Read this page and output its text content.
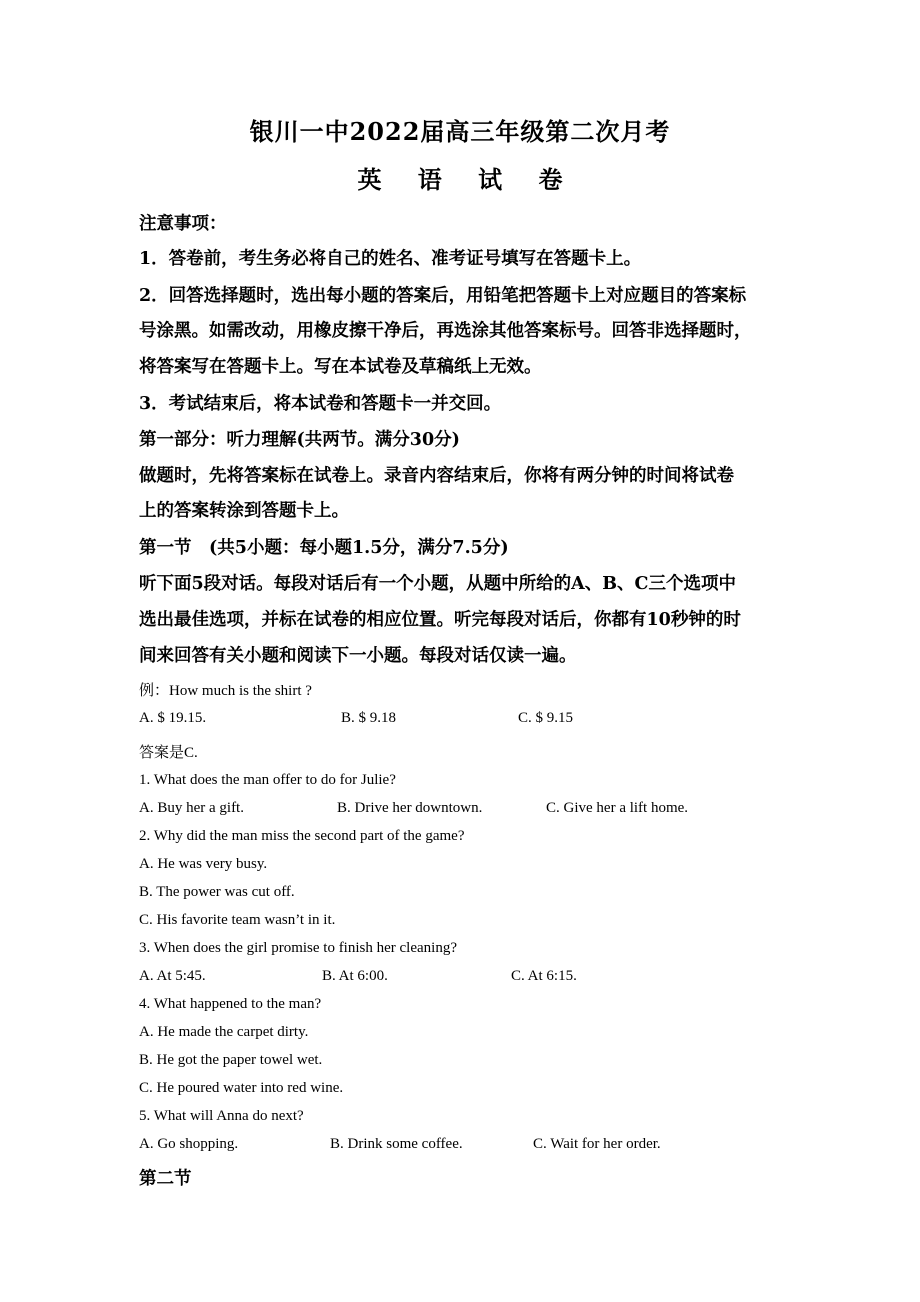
银川一中2022届高三年级第二次月考
英 语 试 卷
注意事项：
1．答卷前，考生务必将自己的姓名、准考证号填写在答题卡上。
2．回答选择题时，选出每小题的答案后，用铅笔把答题卡上对应题目的答案标
号涂黑。如需改动，用橡皮擦干净后，再选涂其他答案标号。回答非选择题时，
将答案写在答题卡上。写在本试卷及草稿纸上无效。
3．考试结束后，将本试卷和答题卡一并交回。
第一部分：听力理解(共两节。满分30分)
做题时，先将答案标在试卷上。录音内容结束后，你将有两分钟的时间将试卷
上的答案转涂到答题卡上。
第一节　(共5小题：每小题1.5分，满分7.5分)
听下面5段对话。每段对话后有一个小题，从题中所给的A、B、C三个选项中
选出最佳选项，并标在试卷的相应位置。听完每段对话后，你都有10秒钟的时
间来回答有关小题和阅读下一小题。每段对话仅读一遍。
例：How much is the shirt ?
A. $ 19.15.	B. $ 9.18	C. $ 9.15
答案是C.
1. What does the man offer to do for Julie?
A. Buy her a gift.	B. Drive her downtown.	C. Give her a lift home.
2. Why did the man miss the second part of the game?
A. He was very busy.
B. The power was cut off.
C. His favorite team wasn’t in it.
3. When does the girl promise to finish her cleaning?
A. At 5:45.	B. At 6:00.	C. At 6:15.
4. What happened to the man?
A. He made the carpet dirty.
B. He got the paper towel wet.
C. He poured water into red wine.
5. What will Anna do next?
A. Go shopping.	B. Drink some coffee.	C. Wait for her order.
第二节
